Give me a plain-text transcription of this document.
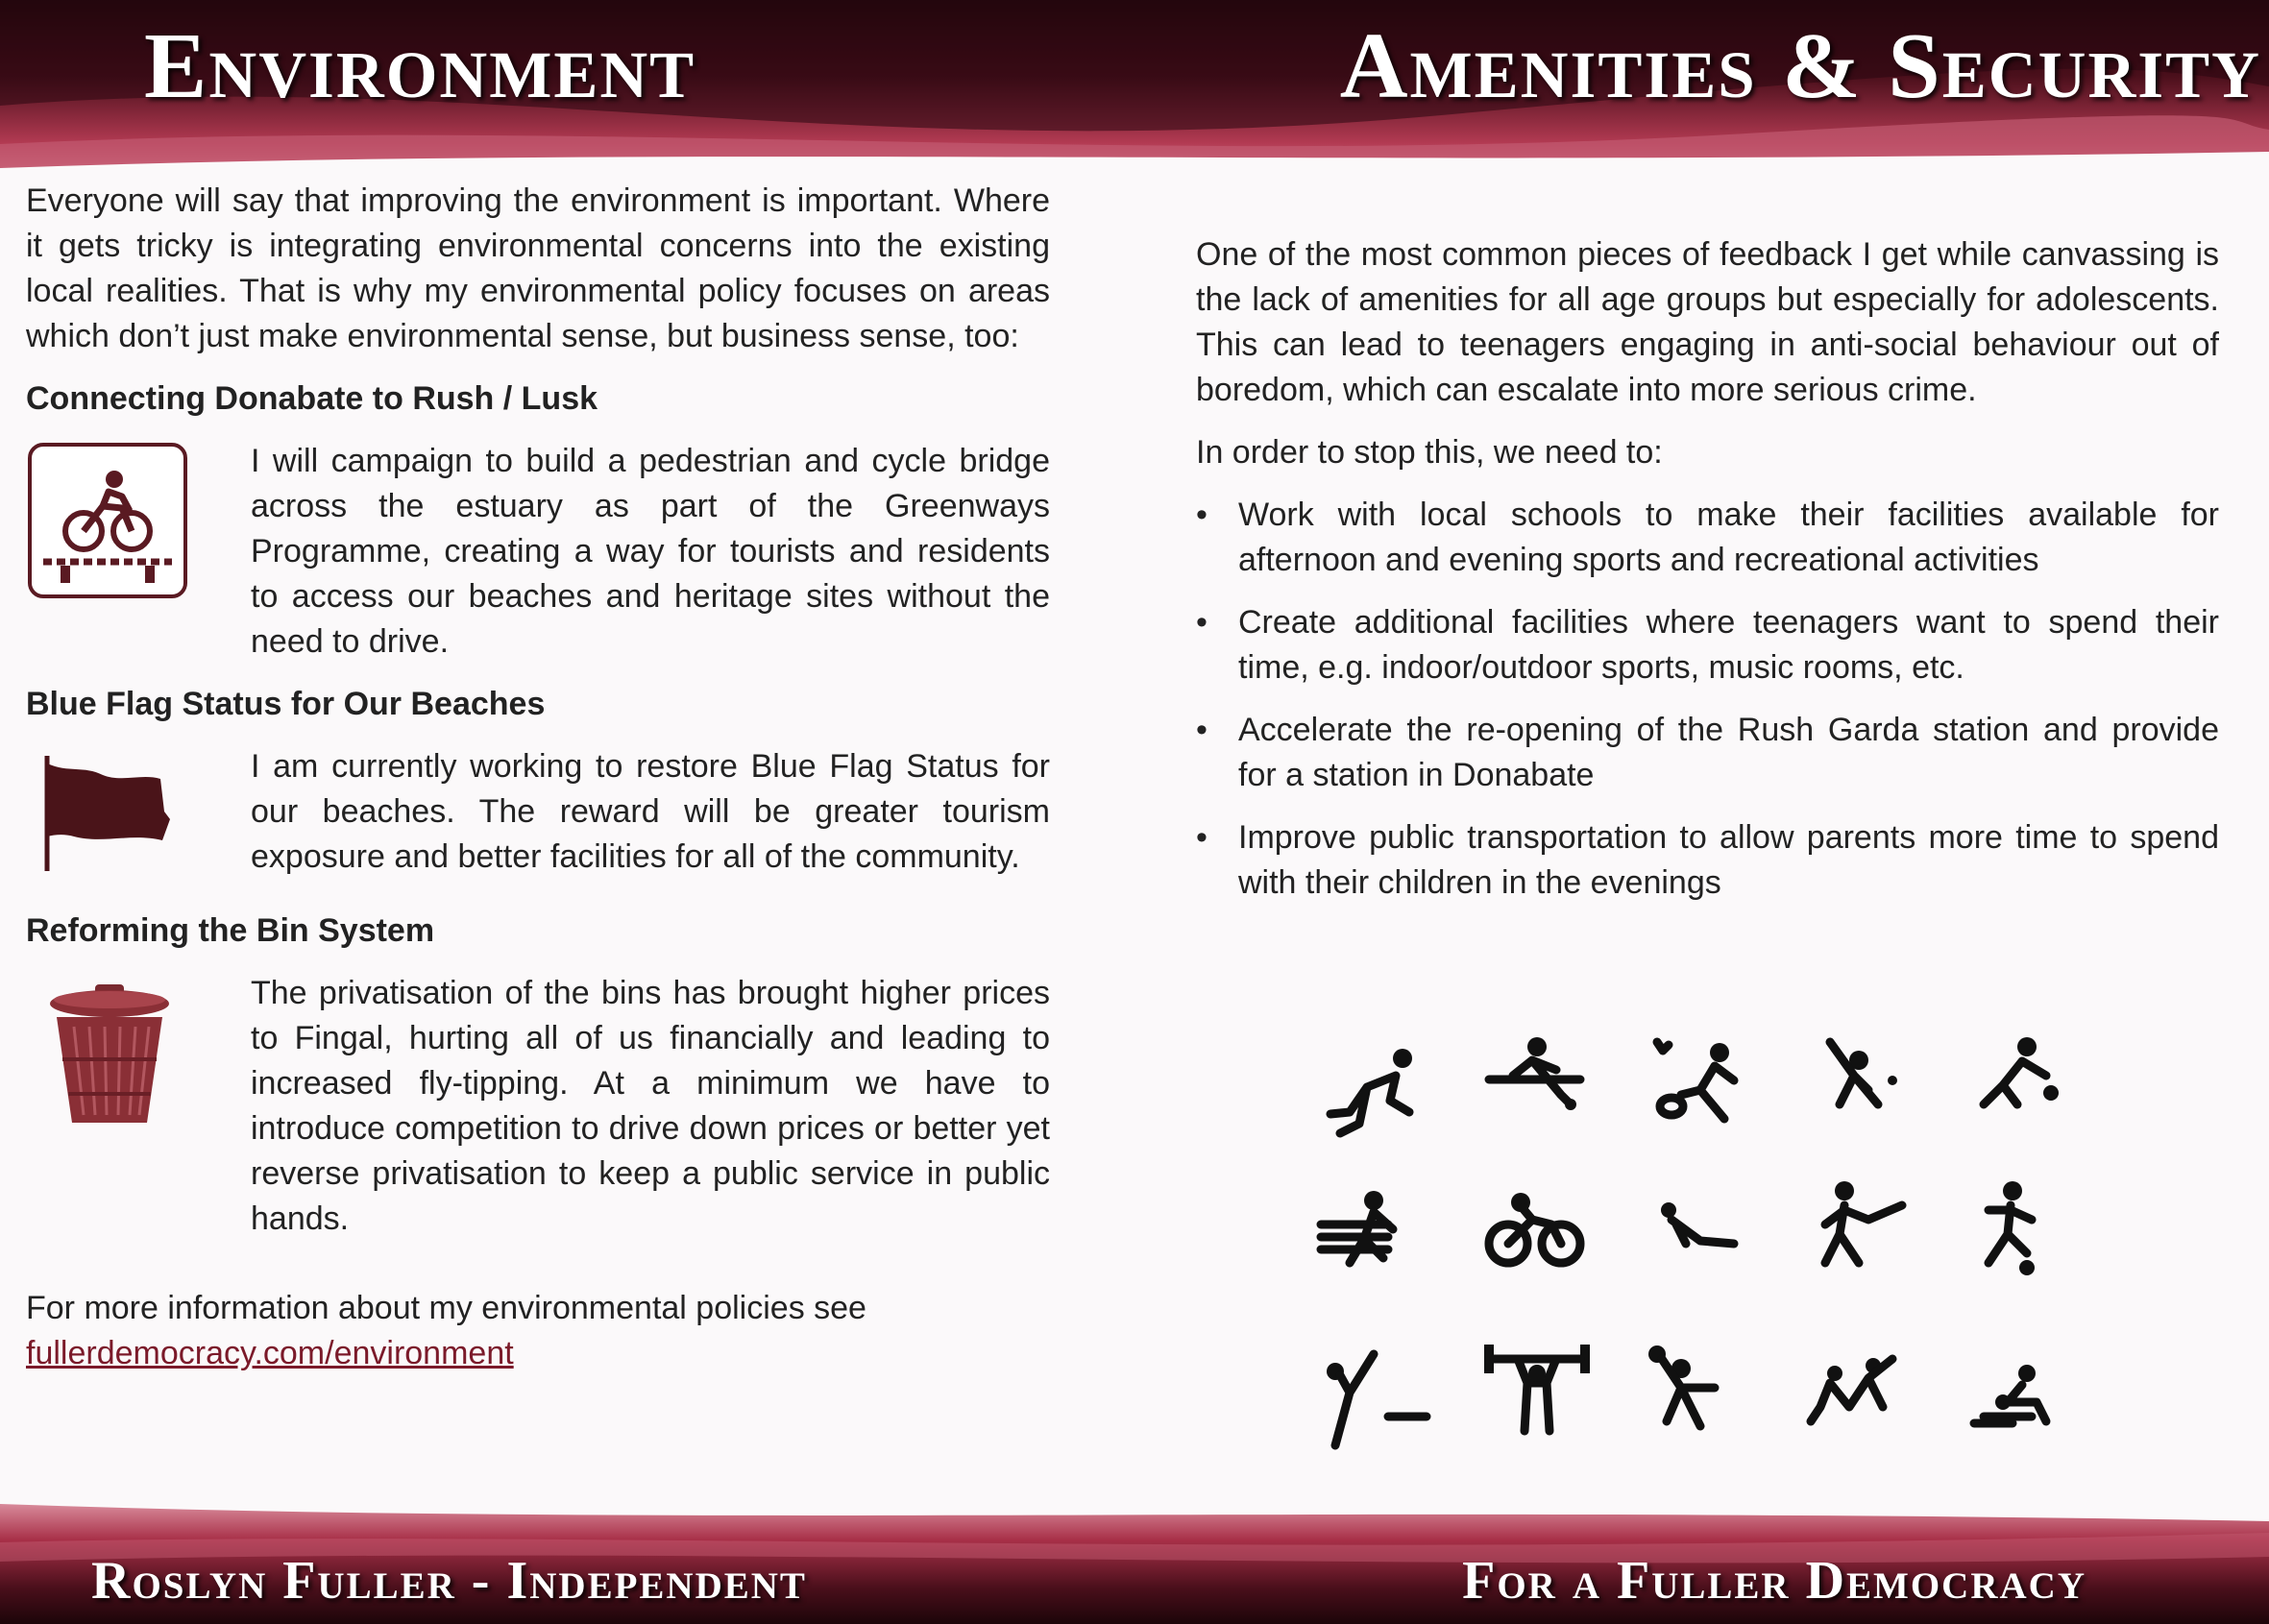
Environment	Amenities & Security

Everyone will say that improving the environment is important. Where it gets tricky is integrating environmental concerns into the existing local realities. That is why my environmental policy focuses on areas which don’t just make environmental sense, but business sense, too:

Connecting Donabate to Rush / Lusk

I will campaign to build a pedestrian and cycle bridge across the estuary as part of the Greenways Programme, creating a way for tourists and residents to access our beaches and heritage sites without the need to drive.

Blue Flag Status for Our Beaches

I am currently working to restore Blue Flag Status for our beaches. The reward will be greater tourism exposure and better facilities for all of the community.

Reforming the Bin System

The privatisation of the bins has brought higher prices to Fingal, hurting all of us financially and leading to increased fly-tipping. At a minimum we have to introduce competition to drive down prices or better yet reverse privatisation to keep a public service in public hands.

For more information about my environmental policies see

fullerdemocracy.com/environment

One of the most common pieces of feedback I get while canvassing is the lack of amenities for all age groups but especially for adolescents. This can lead to teenagers engaging in anti-social behaviour out of boredom, which can escalate into more serious crime.

In order to stop this, we need to:

• Work with local schools to make their facilities available for afternoon and evening sports and recreational activities
• Create additional facilities where teenagers want to spend their time, e.g. indoor/outdoor sports, music rooms, etc.
• Accelerate the re-opening of the Rush Garda station and provide for a station in Donabate
• Improve public transportation to allow parents more time to spend with their children in the evenings
Roslyn Fuller - Independent	For a Fuller Democracy
